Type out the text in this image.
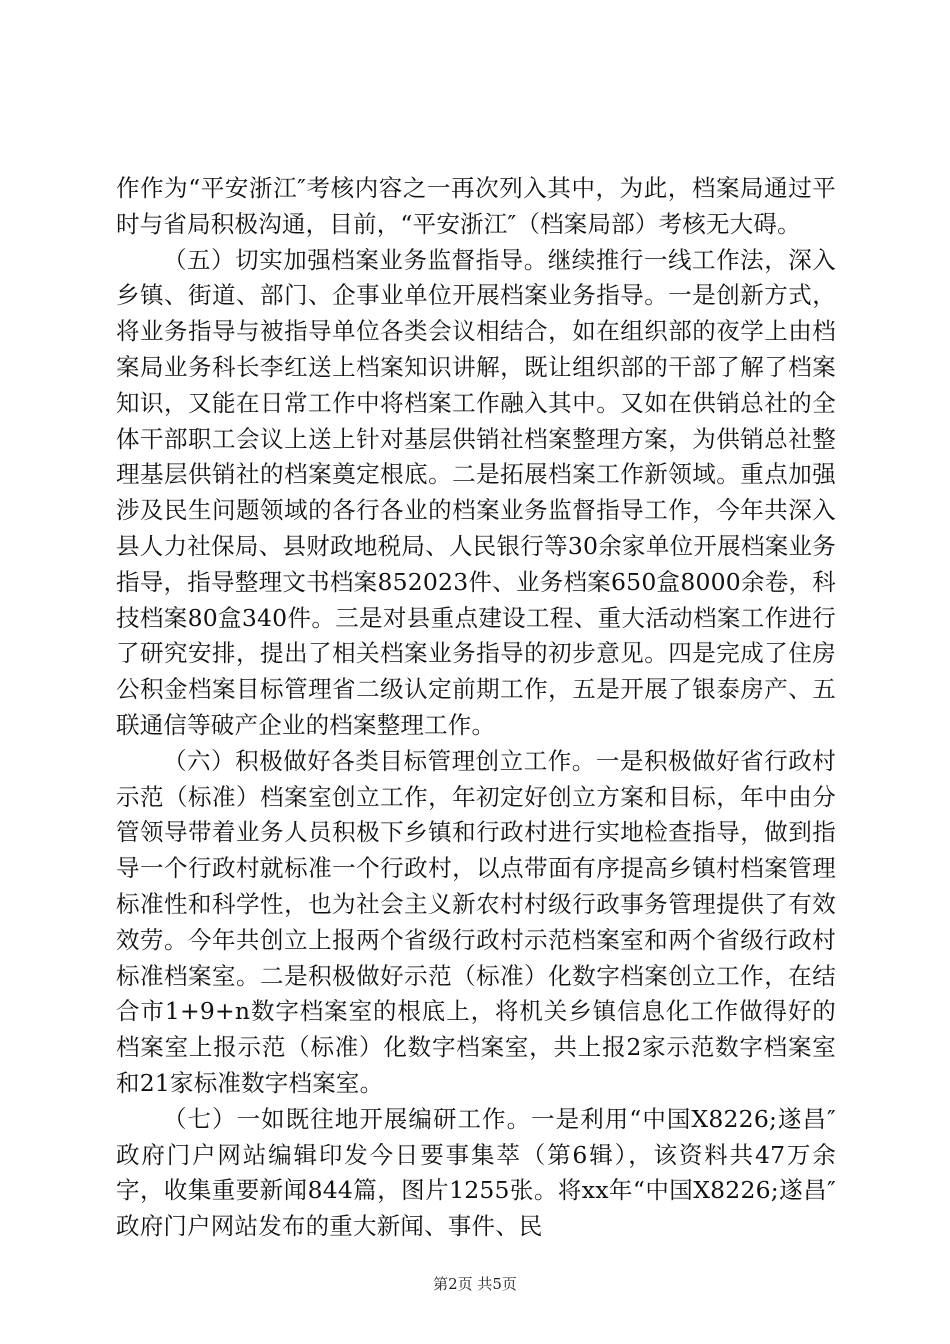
作作为“平安浙江″考核内容之一再次列入其中，为此，档案局通过平时与省局积极沟通，目前，“平安浙江″（档案局部）考核无大碍。

（五）切实加强档案业务监督指导。继续推行一线工作法，深入乡镇、街道、部门、企事业单位开展档案业务指导。一是创新方式，将业务指导与被指导单位各类会议相结合，如在组织部的夜学上由档案局业务科长李红送上档案知识讲解，既让组织部的干部了解了档案知识，又能在日常工作中将档案工作融入其中。又如在供销总社的全体干部职工会议上送上针对基层供销社档案整理方案，为供销总社整理基层供销社的档案奠定根底。二是拓展档案工作新领域。重点加强涉及民生问题领域的各行各业的档案业务监督指导工作，今年共深入县人力社保局、县财政地税局、人民银行等30余家单位开展档案业务指导，指导整理文书档案852023件、业务档案650盒8000余卷，科技档案80盒340件。三是对县重点建设工程、重大活动档案工作进行了研究安排，提出了相关档案业务指导的初步意见。四是完成了住房公积金档案目标管理省二级认定前期工作，五是开展了银泰房产、五联通信等破产企业的档案整理工作。

（六）积极做好各类目标管理创立工作。一是积极做好省行政村示范（标准）档案室创立工作，年初定好创立方案和目标，年中由分管领导带着业务人员积极下乡镇和行政村进行实地检查指导，做到指导一个行政村就标准一个行政村，以点带面有序提高乡镇村档案管理标准性和科学性，也为社会主义新农村村级行政事务管理提供了有效效劳。今年共创立上报两个省级行政村示范档案室和两个省级行政村标准档案室。二是积极做好示范（标准）化数字档案创立工作，在结合市1+9+n数字档案室的根底上，将机关乡镇信息化工作做得好的档案室上报示范（标准）化数字档案室，共上报2家示范数字档案室和21家标准数字档案室。

（七）一如既往地开展编研工作。一是利用“中国X8226;遂昌″政府门户网站编辑印发今日要事集萃（第6辑），该资料共47万余字，收集重要新闻844篇，图片1255张。将xx年“中国X8226;遂昌″政府门户网站发布的重大新闻、事件、民

第2页 共5页
